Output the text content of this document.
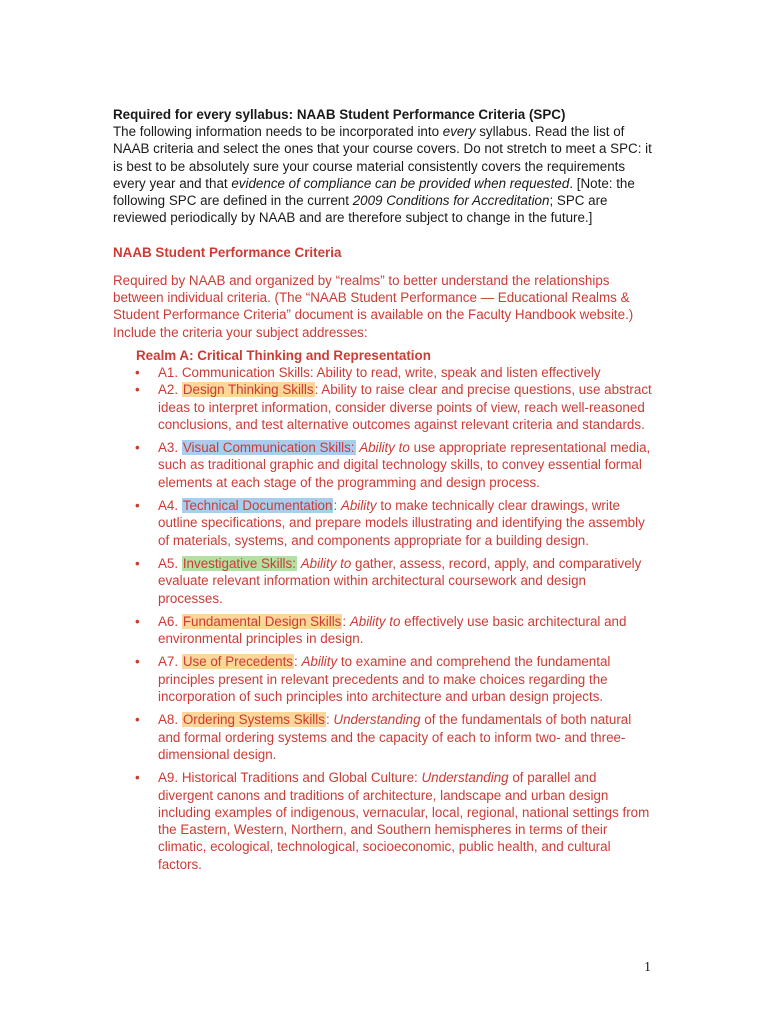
Required for every syllabus: NAAB Student Performance Criteria (SPC)

The following information needs to be incorporated into every syllabus. Read the list of NAAB criteria and select the ones that your course covers. Do not stretch to meet a SPC: it is best to be absolutely sure your course material consistently covers the requirements every year and that evidence of compliance can be provided when requested. [Note: the following SPC are defined in the current 2009 Conditions for Accreditation; SPC are reviewed periodically by NAAB and are therefore subject to change in the future.]

NAAB Student Performance Criteria

Required by NAAB and organized by “realms” to better understand the relationships between individual criteria. (The “NAAB Student Performance — Educational Realms & Student Performance Criteria” document is available on the Faculty Handbook website.) Include the criteria your subject addresses:

Realm A: Critical Thinking and Representation

• A1. Communication Skills: Ability to read, write, speak and listen effectively
• A2. Design Thinking Skills: Ability to raise clear and precise questions, use abstract ideas to interpret information, consider diverse points of view, reach well-reasoned conclusions, and test alternative outcomes against relevant criteria and standards.
• A3. Visual Communication Skills: Ability to use appropriate representational media, such as traditional graphic and digital technology skills, to convey essential formal elements at each stage of the programming and design process.
• A4. Technical Documentation: Ability to make technically clear drawings, write outline specifications, and prepare models illustrating and identifying the assembly of materials, systems, and components appropriate for a building design.
• A5. Investigative Skills: Ability to gather, assess, record, apply, and comparatively evaluate relevant information within architectural coursework and design processes.
• A6. Fundamental Design Skills: Ability to effectively use basic architectural and environmental principles in design.
• A7. Use of Precedents: Ability to examine and comprehend the fundamental principles present in relevant precedents and to make choices regarding the incorporation of such principles into architecture and urban design projects.
• A8. Ordering Systems Skills: Understanding of the fundamentals of both natural and formal ordering systems and the capacity of each to inform two- and three-dimensional design.
• A9. Historical Traditions and Global Culture: Understanding of parallel and divergent canons and traditions of architecture, landscape and urban design including examples of indigenous, vernacular, local, regional, national settings from the Eastern, Western, Northern, and Southern hemispheres in terms of their climatic, ecological, technological, socioeconomic, public health, and cultural factors.
1
